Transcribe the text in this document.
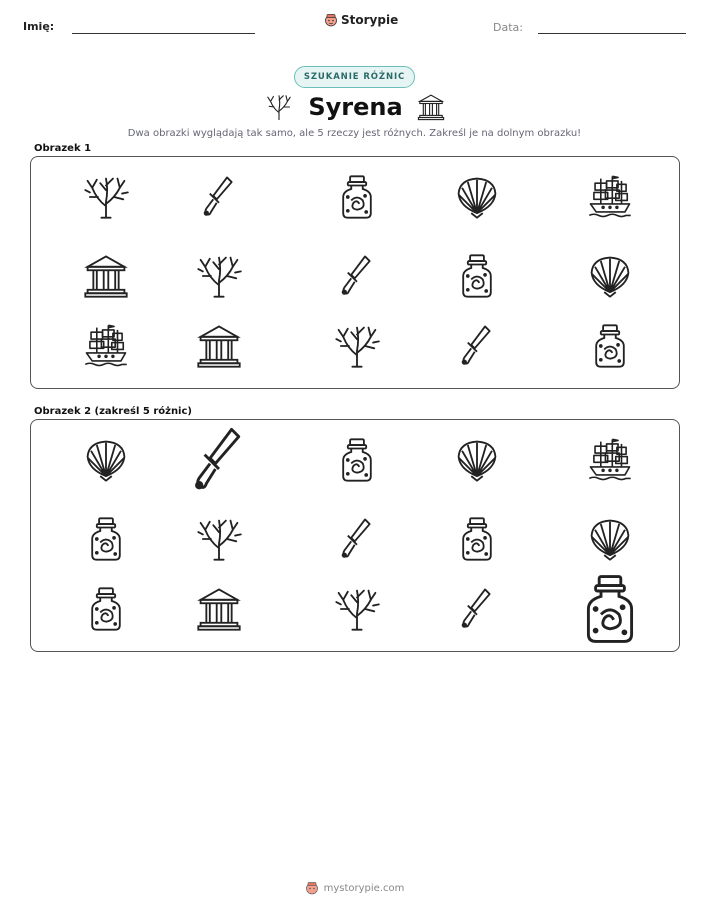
Imię:	Storypie
Data:
SZUKANIE RÓŻNIC
Syrena
Dwa obrazki wyglądają tak samo, ale 5 rzeczy jest różnych. Zakreśl je na dolnym obrazku!
Obrazek 1
Obrazek 2 (zakreśl 5 różnic)
mystorypie.com
